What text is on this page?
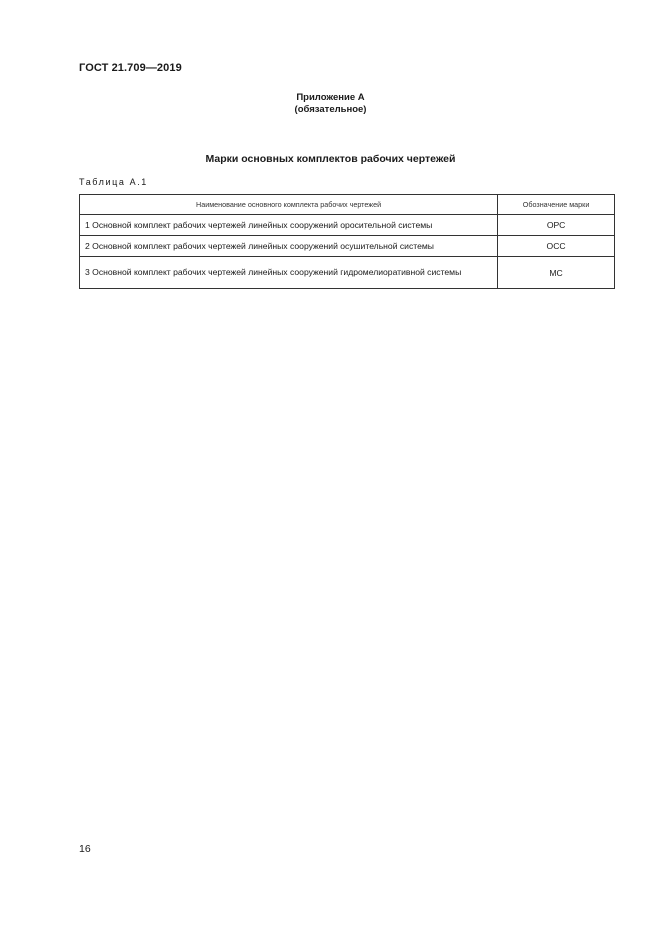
ГОСТ 21.709—2019
Приложение А
(обязательное)
Марки основных комплектов рабочих чертежей
Таблица А.1
Наименование основного комплекта рабочих чертежей	Обозначение марки
1 Основной комплект рабочих чертежей линейных сооружений оросительной системы	ОРС
2 Основной комплект рабочих чертежей линейных сооружений осушительной системы	ОСС
3 Основной комплект рабочих чертежей линейных сооружений гидромелиоративной системы	МС
16
